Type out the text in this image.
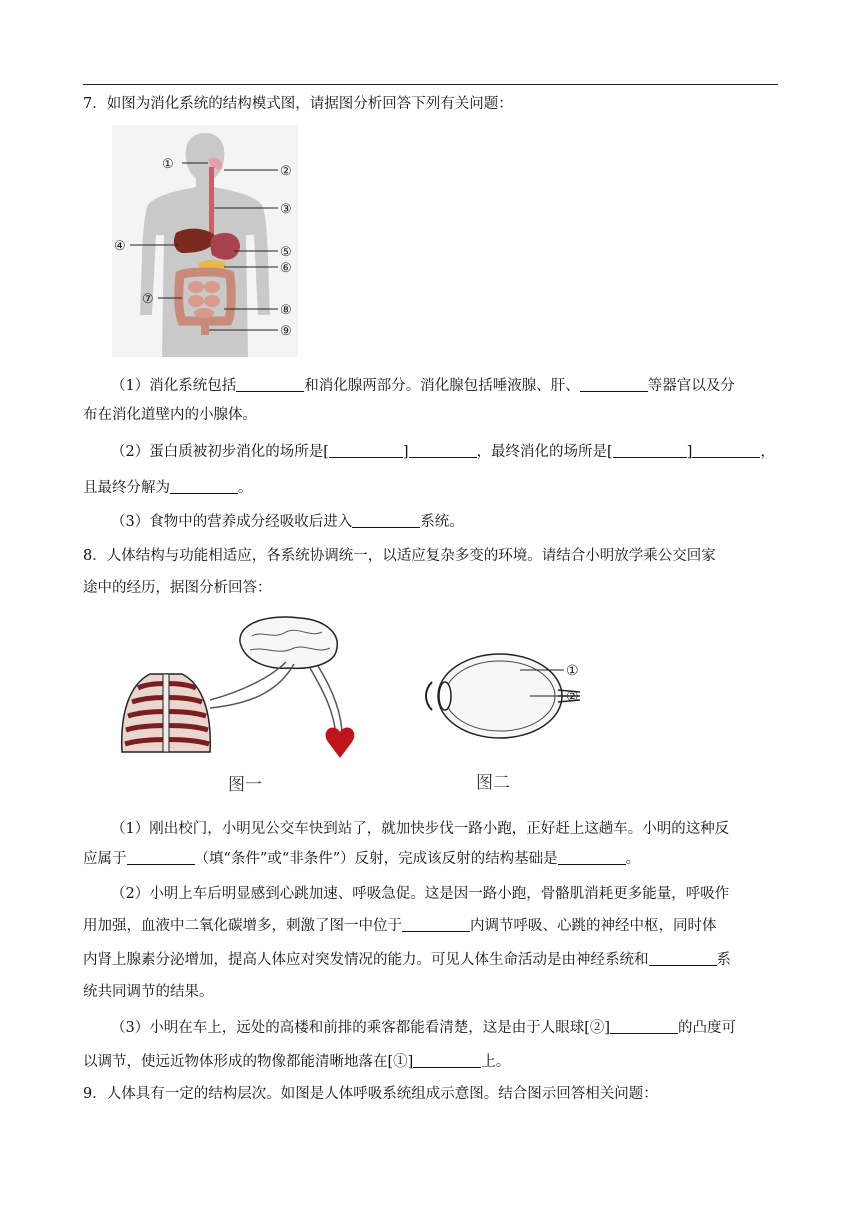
7．如图为消化系统的结构模式图，请据图分析回答下列有关问题：
①	②
③
④	⑤
⑥
⑦
⑧
⑨
（1）消化系统包括	和消化腺两部分。消化腺包括唾液腺、肝、	等器官以及分
布在消化道壁内的小腺体。
（2）蛋白质被初步消化的场所是[	]	，最终消化的场所是[	]	，
且最终分解为	。
（3）食物中的营养成分经吸收后进入	系统。
8．人体结构与功能相适应，各系统协调统一，以适应复杂多变的环境。请结合小明放学乘公交回家
途中的经历，据图分析回答：
图一
①
②
图二
（1）刚出校门，小明见公交车快到站了，就加快步伐一路小跑，正好赶上这趟车。小明的这种反
应属于	（填“条件”或“非条件”）反射，完成该反射的结构基础是	。
（2）小明上车后明显感到心跳加速、呼吸急促。这是因一路小跑，骨骼肌消耗更多能量，呼吸作
用加强，血液中二氧化碳增多，刺激了图一中位于	内调节呼吸、心跳的神经中枢，同时体
内肾上腺素分泌增加，提高人体应对突发情况的能力。可见人体生命活动是由神经系统和	系
统共同调节的结果。
（3）小明在车上，远处的高楼和前排的乘客都能看清楚，这是由于人眼球[②]	的凸度可
以调节，使远近物体形成的物像都能清晰地落在[①]	上。
9．人体具有一定的结构层次。如图是人体呼吸系统组成示意图。结合图示回答相关问题：
